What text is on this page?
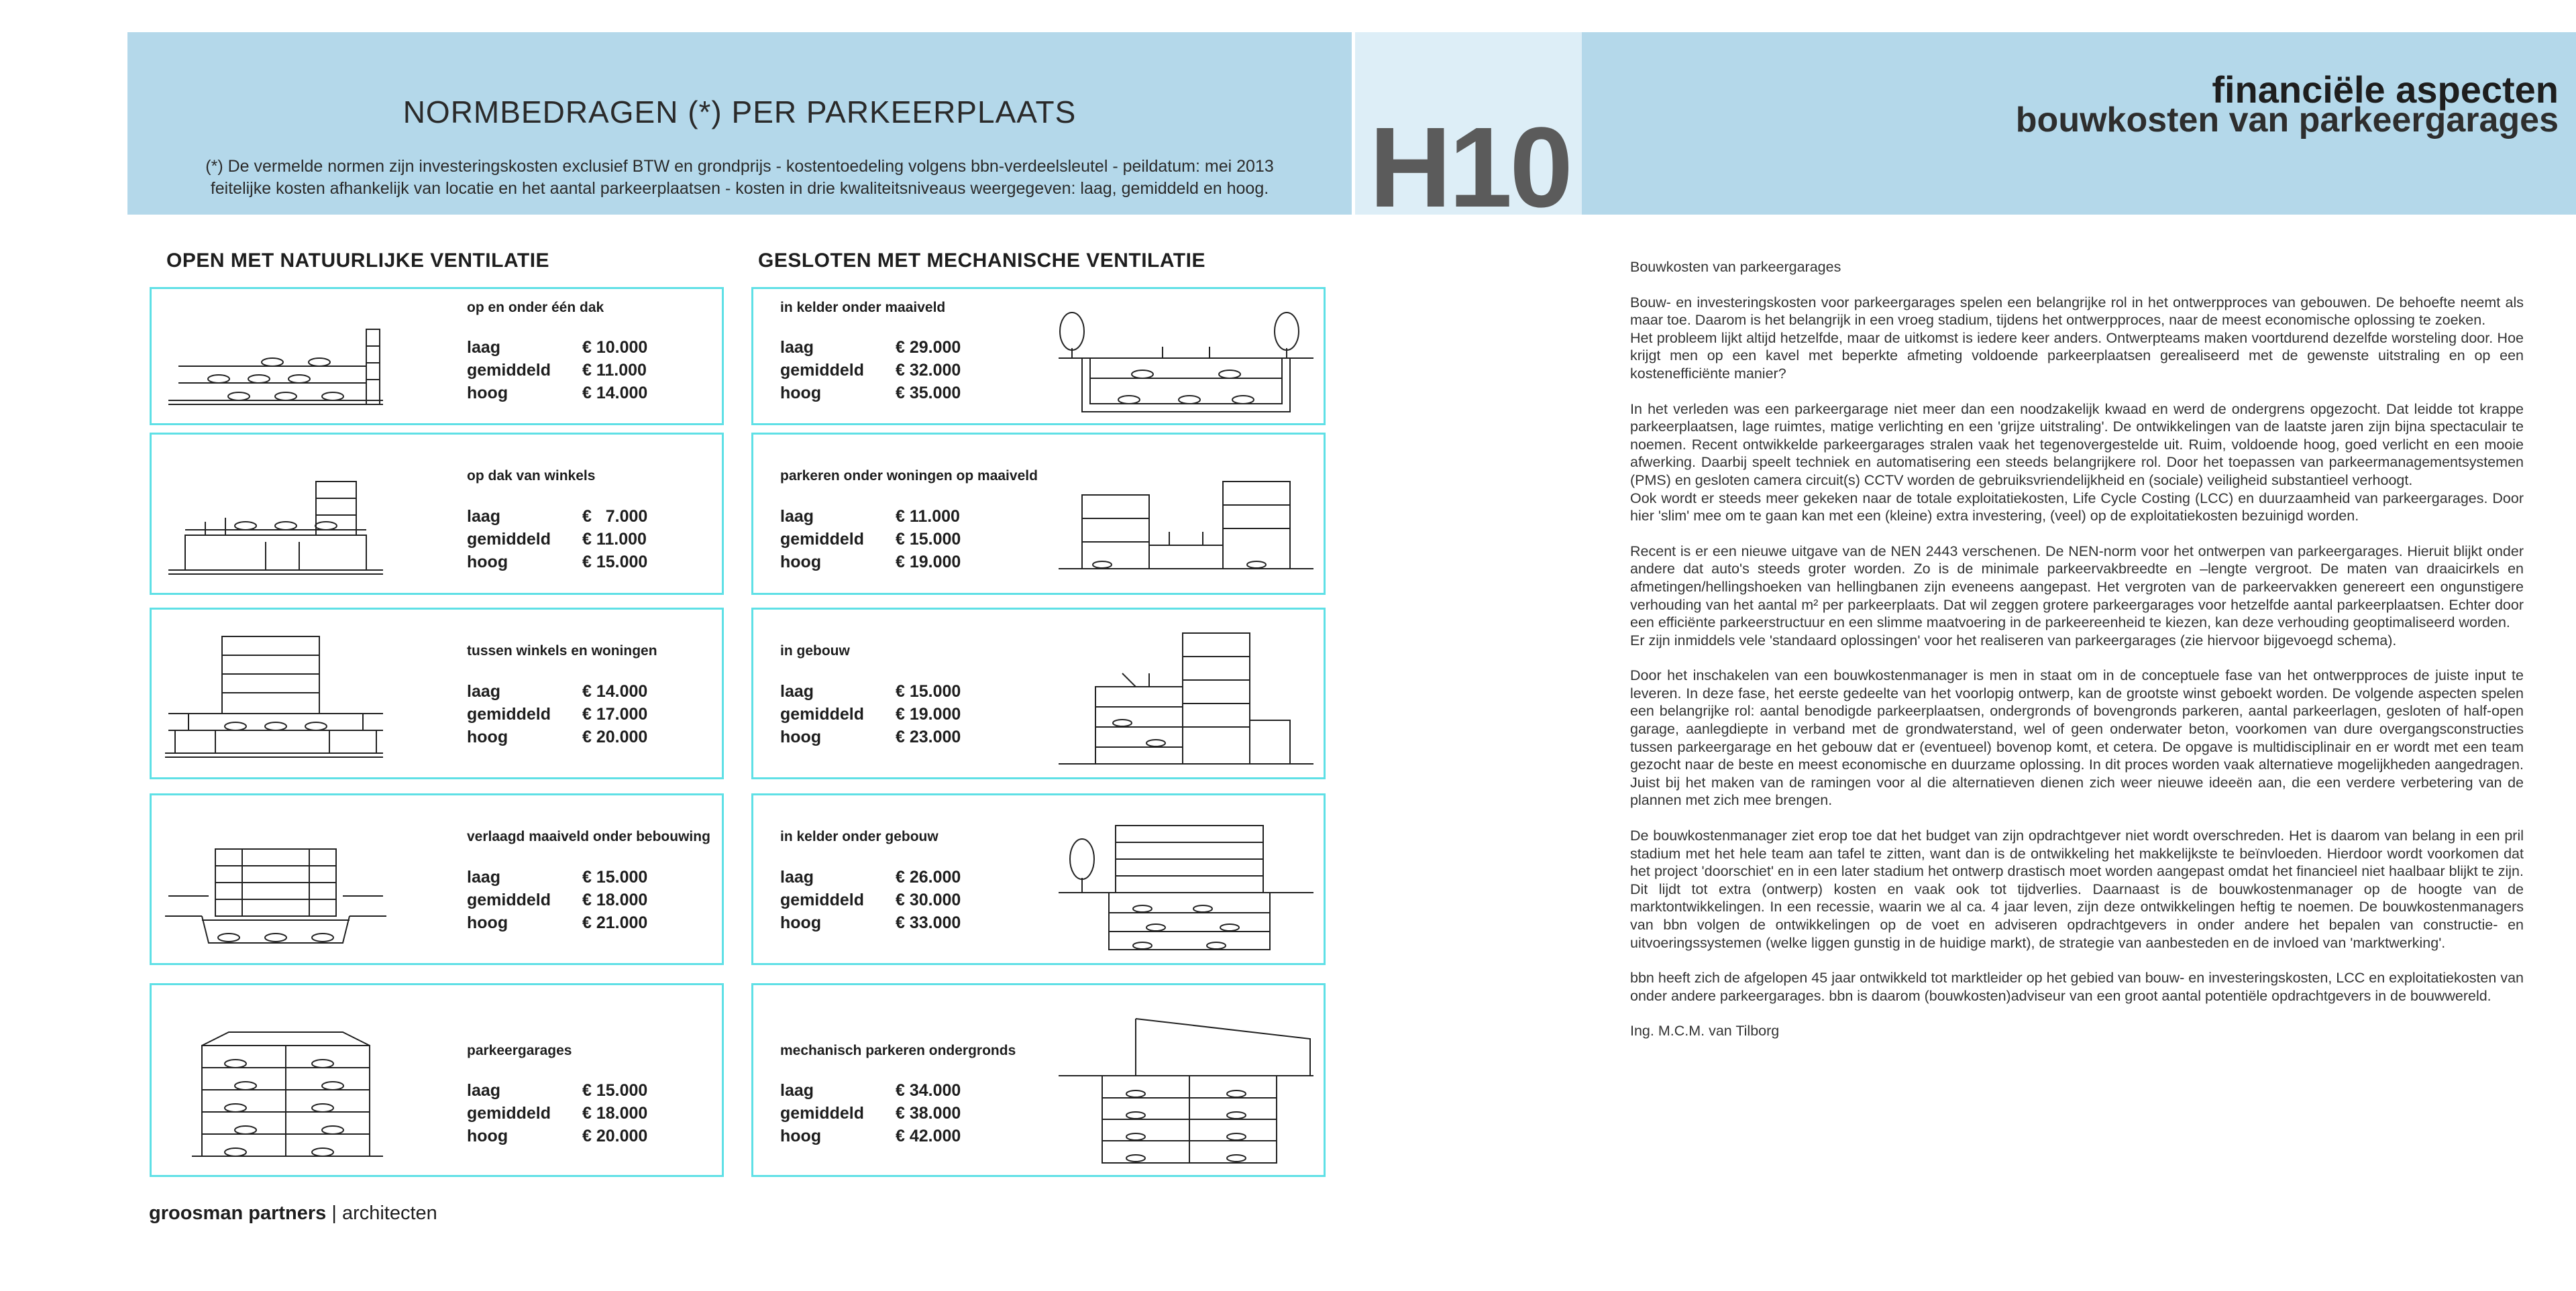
NORMBEDRAGEN (*) PER PARKEERPLAATS
(*) De vermelde normen zijn investeringskosten exclusief BTW en grondprijs - kostentoedeling volgens bbn-verdeelsleutel - peildatum: mei 2013
feitelijke kosten afhankelijk van locatie en het aantal parkeerplaatsen - kosten in drie kwaliteitsniveaus weergegeven: laag, gemiddeld en hoog. H10
financiële aspecten
bouwkosten van parkeergarages
OPEN MET NATUURLIJKE VENTILATIE	GESLOTEN MET MECHANISCHE VENTILATIE
op en onder één dak
laag	€ 10.000
gemiddeld	€ 11.000
hoog	€ 14.000
op dak van winkels
laag	€   7.000
gemiddeld	€ 11.000
hoog	€ 15.000
tussen winkels en woningen
laag	€ 14.000
gemiddeld	€ 17.000
hoog	€ 20.000
verlaagd maaiveld onder bebouwing
laag	€ 15.000
gemiddeld	€ 18.000
hoog	€ 21.000
parkeergarages
laag	€ 15.000
gemiddeld	€ 18.000
hoog	€ 20.000
in kelder onder maaiveld
laag	€ 29.000
gemiddeld	€ 32.000
hoog	€ 35.000
parkeren onder woningen op maaiveld
laag	€ 11.000
gemiddeld	€ 15.000
hoog	€ 19.000
in gebouw
laag	€ 15.000
gemiddeld	€ 19.000
hoog	€ 23.000
in kelder onder gebouw
laag	€ 26.000
gemiddeld	€ 30.000
hoog	€ 33.000
mechanisch parkeren ondergronds
laag	€ 34.000
gemiddeld	€ 38.000
hoog	€ 42.000
groosman partners | architecten

Bouwkosten van parkeergarages

Bouw- en investeringskosten voor parkeergarages spelen een belangrijke rol in het ontwerpproces van gebouwen. De behoefte neemt als maar toe. Daarom is het belangrijk in een vroeg stadium, tijdens het ontwerpproces, naar de meest economische oplossing te zoeken.

Het probleem lijkt altijd hetzelfde, maar de uitkomst is iedere keer anders. Ontwerpteams maken voortdurend dezelfde worsteling door. Hoe krijgt men op een kavel met beperkte afmeting voldoende parkeerplaatsen gerealiseerd met de gewenste uitstraling en op een kostenefficiënte manier?

In het verleden was een parkeergarage niet meer dan een noodzakelijk kwaad en werd de ondergrens opgezocht. Dat leidde tot krappe parkeerplaatsen, lage ruimtes, matige verlichting en een 'grijze uitstraling'. De ontwikkelingen van de laatste jaren zijn bijna spectaculair te noemen. Recent ontwikkelde parkeergarages stralen vaak het tegenovergestelde uit. Ruim, voldoende hoog, goed verlicht en een mooie afwerking. Daarbij speelt techniek en automatisering een steeds belangrijkere rol. Door het toepassen van parkeermanagementsystemen (PMS) en gesloten camera circuit(s) CCTV worden de gebruiksvriendelijkheid en (sociale) veiligheid substantieel verhoogt.

Ook wordt er steeds meer gekeken naar de totale exploitatiekosten, Life Cycle Costing (LCC) en duurzaamheid van parkeergarages. Door hier 'slim' mee om te gaan kan met een (kleine) extra investering, (veel) op de exploitatiekosten bezuinigd worden.

Recent is er een nieuwe uitgave van de NEN 2443 verschenen. De NEN-norm voor het ontwerpen van parkeergarages. Hieruit blijkt onder andere dat auto's steeds groter worden. Zo is de minimale parkeervakbreedte en –lengte vergroot. De maten van draaicirkels en afmetingen/hellingshoeken van hellingbanen zijn eveneens aangepast. Het vergroten van de parkeervakken genereert een ongunstigere verhouding van het aantal m² per parkeerplaats. Dat wil zeggen grotere parkeergarages voor hetzelfde aantal parkeerplaatsen. Echter door een efficiënte parkeerstructuur en een slimme maatvoering in de parkeereenheid te kiezen, kan deze verhouding geoptimaliseerd worden.

Er zijn inmiddels vele 'standaard oplossingen' voor het realiseren van parkeergarages (zie hiervoor bijgevoegd schema).

Door het inschakelen van een bouwkostenmanager is men in staat om in de conceptuele fase van het ontwerpproces de juiste input te leveren. In deze fase, het eerste gedeelte van het voorlopig ontwerp, kan de grootste winst geboekt worden. De volgende aspecten spelen een belangrijke rol: aantal benodigde parkeerplaatsen, ondergronds of bovengronds parkeren, aantal parkeerlagen, gesloten of half-open garage, aanlegdiepte in verband met de grondwaterstand, wel of geen onderwater beton, voorkomen van dure overgangsconstructies tussen parkeergarage en het gebouw dat er (eventueel) bovenop komt, et cetera. De opgave is multidisciplinair en er wordt met een team gezocht naar de beste en meest economische en duurzame oplossing. In dit proces worden vaak alternatieve mogelijkheden aangedragen. Juist bij het maken van de ramingen voor al die alternatieven dienen zich weer nieuwe ideeën aan, die een verdere verbetering van de plannen met zich mee brengen.

De bouwkostenmanager ziet erop toe dat het budget van zijn opdrachtgever niet wordt overschreden. Het is daarom van belang in een pril stadium met het hele team aan tafel te zitten, want dan is de ontwikkeling het makkelijkste te beïnvloeden. Hierdoor wordt voorkomen dat het project 'doorschiet' en in een later stadium het ontwerp drastisch moet worden aangepast omdat het financieel niet haalbaar blijkt te zijn. Dit lijdt tot extra (ontwerp) kosten en vaak ook tot tijdverlies. Daarnaast is de bouwkostenmanager op de hoogte van de marktontwikkelingen. In een recessie, waarin we al ca. 4 jaar leven, zijn deze ontwikkelingen heftig te noemen. De bouwkostenmanagers van bbn volgen de ontwikkelingen op de voet en adviseren opdrachtgevers in onder andere het bepalen van constructie- en uitvoeringssystemen (welke liggen gunstig in de huidige markt), de strategie van aanbesteden en de invloed van 'marktwerking'.

bbn heeft zich de afgelopen 45 jaar ontwikkeld tot marktleider op het gebied van bouw- en investeringskosten, LCC en exploitatiekosten van onder andere parkeergarages. bbn is daarom (bouwkosten)adviseur van een groot aantal potentiële opdrachtgevers in de bouwwereld.

Ing. M.C.M. van Tilborg
